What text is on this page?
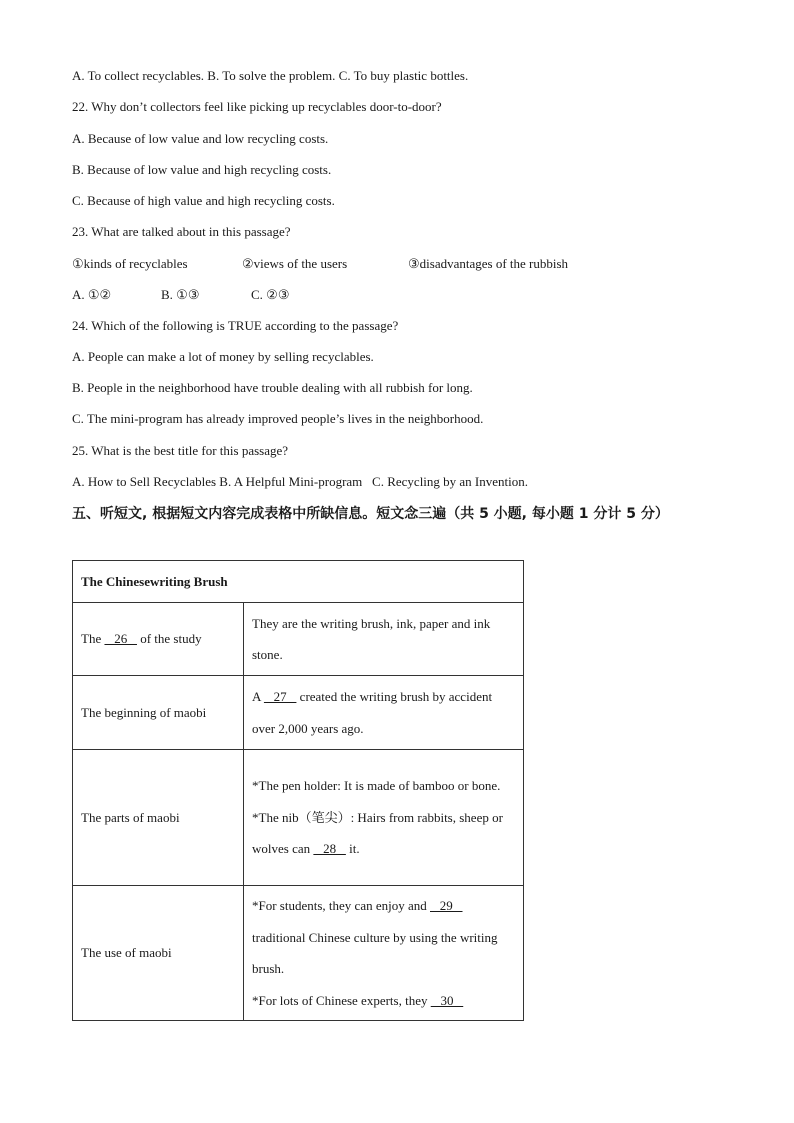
A. To collect recyclables. B. To solve the problem. C. To buy plastic bottles.
22. Why don’t collectors feel like picking up recyclables door-to-door?
A. Because of low value and low recycling costs.
B. Because of low value and high recycling costs.
C. Because of high value and high recycling costs.
23. What are talked about in this passage?
①kinds of recyclables	②views of the users	③disadvantages of the rubbish
A. ①②	B. ①③	C. ②③
24. Which of the following is TRUE according to the passage?
A. People can make a lot of money by selling recyclables.
B. People in the neighborhood have trouble dealing with all rubbish for long.
C. The mini-program has already improved people’s lives in the neighborhood.
25. What is the best title for this passage?
A. How to Sell Recyclables B. A Helpful Mini-program   C. Recycling by an Invention.
五、听短文, 根据短文内容完成表格中所缺信息。短文念三遍（共 5 小题, 每小题 1 分计 5 分）
The Chinesewriting Brush	
The    26    of the study	They are the writing brush, ink, paper and ink stone.
The beginning of maobi	A    27    created the writing brush by accident over 2,000 years ago.
The parts of maobi	*The pen holder: It is made of bamboo or bone.
*The nib（笔尖）: Hairs from rabbits, sheep or wolves can    28    it.

The use of maobi	*For students, they can enjoy and    29    traditional Chinese culture by using the writing brush.
*For lots of Chinese experts, they    30
